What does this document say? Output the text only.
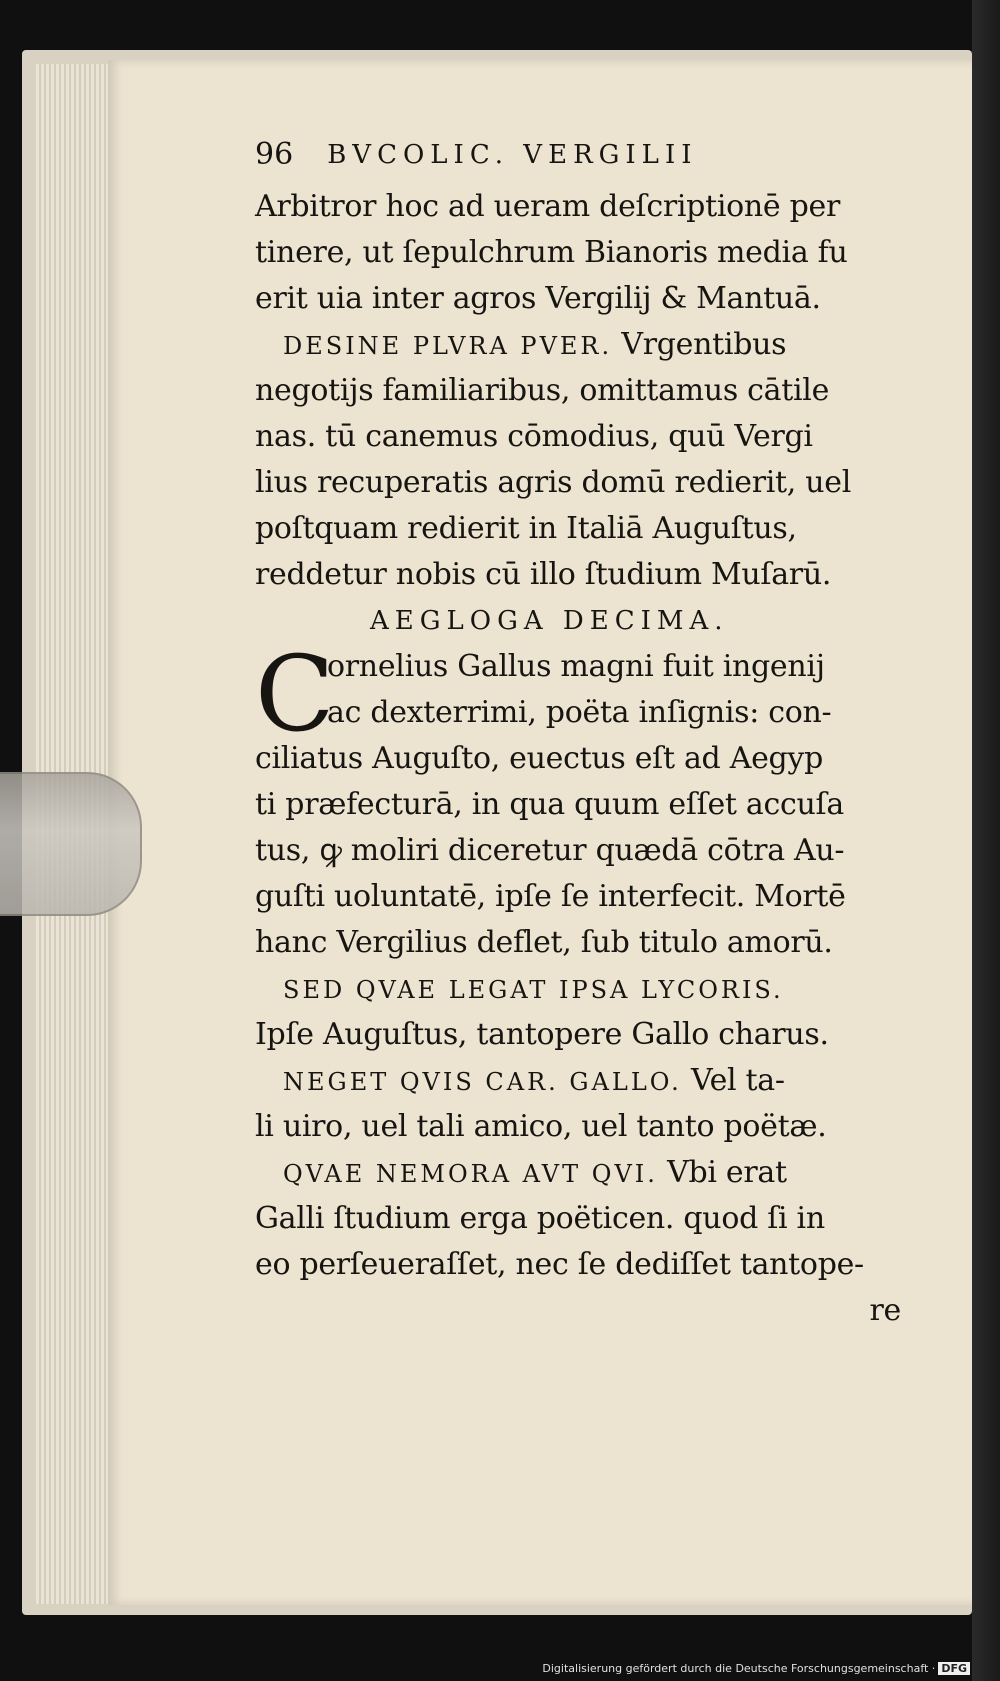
96 BVCOLIC. VERGILII
Arbitror hoc ad ueram deſcriptionē per
tinere, ut ſepulchrum Bianoris media fu
erit uia inter agros Vergilij & Mantuā.
DESINE PLVRA PVER. Vrgentibus
negotijs familiaribus, omittamus cātile
nas. tū canemus cōmodius, quū Vergi
lius recuperatis agris domū redierit, uel
poſtquam redierit in Italiā Auguſtus,
reddetur nobis cū illo ſtudium Muſarū.
AEGLOGA DECIMA.
C
ornelius Gallus magni fuit ingenij
ac dexterrimi, poëta inſignis: con-
ciliatus Auguſto, euectus eſt ad Aegyp
ti præfecturā, in qua quum eſſet accuſa
tus, ꝙ moliri diceretur quædā cōtra Au-
guſti uoluntatē, ipſe ſe interfecit. Mortē
hanc Vergilius deflet, ſub titulo amorū.
SED QVAE LEGAT IPSA LYCORIS.
Ipſe Auguſtus, tantopere Gallo charus.
NEGET QVIS CAR. GALLO. Vel ta-
li uiro, uel tali amico, uel tanto poëtæ.
QVAE NEMORA AVT QVI. Vbi erat
Galli ſtudium erga poëticen. quod ſi in
eo perſeueraſſet, nec ſe dediſſet tantope-
re
Digitalisierung gefördert durch die Deutsche Forschungsgemeinschaft · DFG
